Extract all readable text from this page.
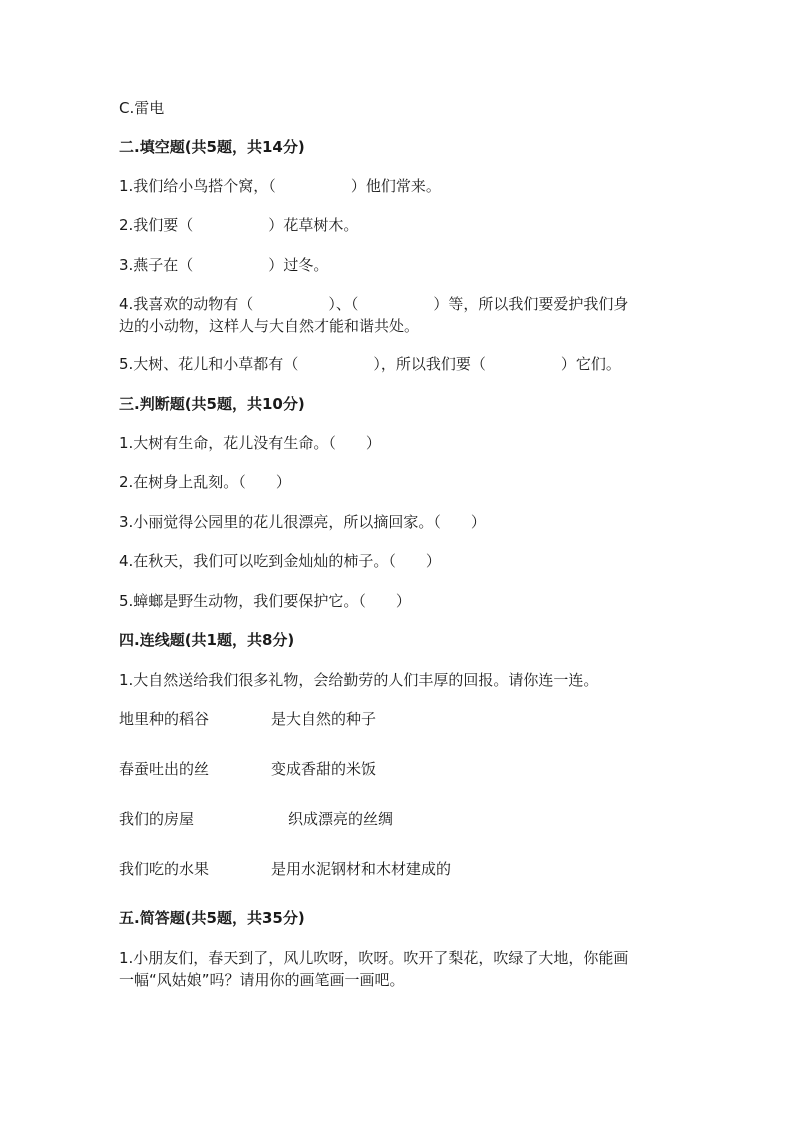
C.雷电
二.填空题(共5题，共14分)
1.我们给小鸟搭个窝，（　　　　　）他们常来。
2.我们要（　　　　　）花草树木。
3.燕子在（　　　　　）过冬。
4.我喜欢的动物有（　　　　　）、（　　　　　）等，所以我们要爱护我们身
边的小动物，这样人与大自然才能和谐共处。
5.大树、花儿和小草都有（　　　　　），所以我们要（　　　　　）它们。
三.判断题(共5题，共10分)
1.大树有生命，花儿没有生命。（　　）
2.在树身上乱刻。（　　）
3.小丽觉得公园里的花儿很漂亮，所以摘回家。（　　）
4.在秋天，我们可以吃到金灿灿的柿子。（　　）
5.蟑螂是野生动物，我们要保护它。（　　）
四.连线题(共1题，共8分)
1.大自然送给我们很多礼物，会给勤劳的人们丰厚的回报。请你连一连。
地里种的稻谷	是大自然的种子
春蚕吐出的丝	变成香甜的米饭
我们的房屋	织成漂亮的丝绸
我们吃的水果	是用水泥钢材和木材建成的
五.简答题(共5题，共35分)
1.小朋友们，春天到了，风儿吹呀，吹呀。吹开了梨花，吹绿了大地，你能画
一幅“风姑娘”吗？请用你的画笔画一画吧。
